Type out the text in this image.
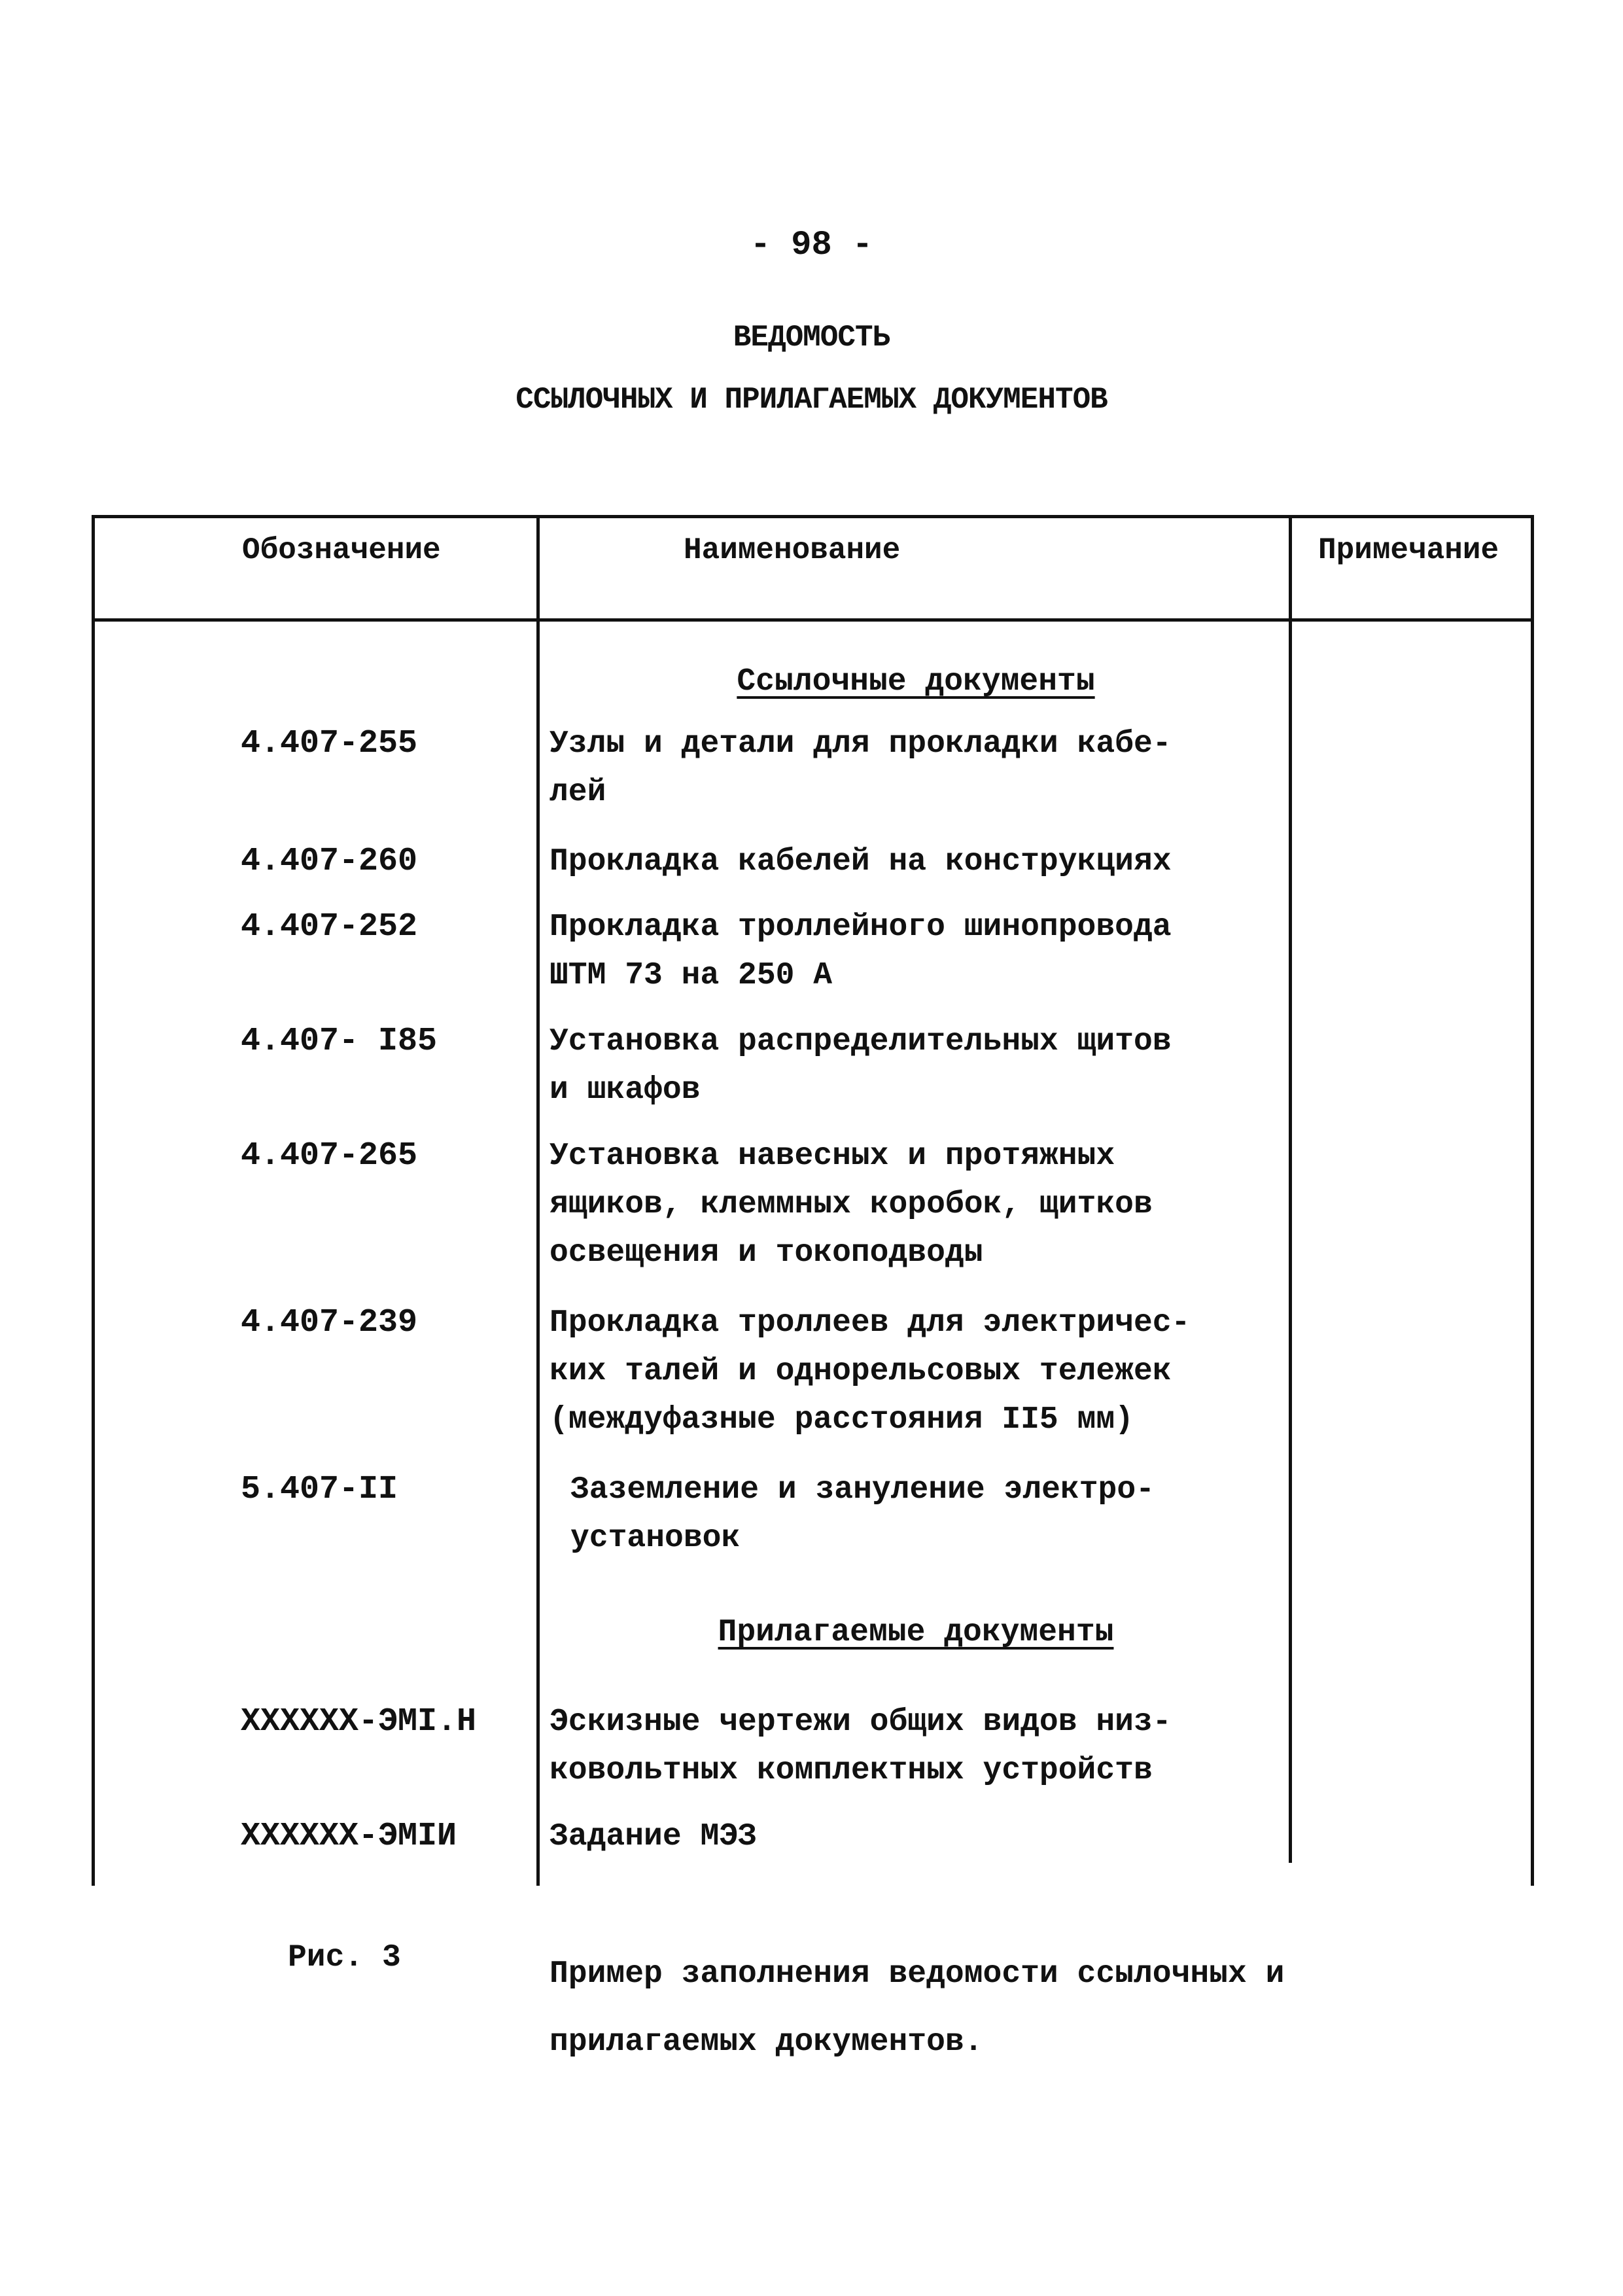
- 98 -
ВЕДОМОСТЬ
ССЫЛОЧНЫХ И ПРИЛАГАЕМЫХ ДОКУМЕНТОВ
Обозначение	Наименование	Примечание
Ссылочные документы
4.407-255	Узлы и детали для прокладки кабе-
лей
4.407-260	Прокладка кабелей на конструкциях
4.407-252	Прокладка троллейного шинопровода
ШТМ 73 на 250 А
4.407- I85	Установка распределительных щитов
и шкафов
4.407-265	Установка навесных и протяжных
ящиков, клеммных коробок, щитков
освещения и токоподводы
4.407-239	Прокладка троллеев для электричес-
ких талей и однорельсовых тележек
(междуфазные расстояния II5 мм)
5.407-II	Заземление и зануление электро-
установок
Прилагаемые документы
XXXXXX-ЭMI.H Эскизные чертежи общих видов низ-
ковольтных комплектных устройств
XXXXXX-ЭMIИ	Задание МЭЗ
Рис. 3	Пример заполнения ведомости ссылочных и
прилагаемых документов.
